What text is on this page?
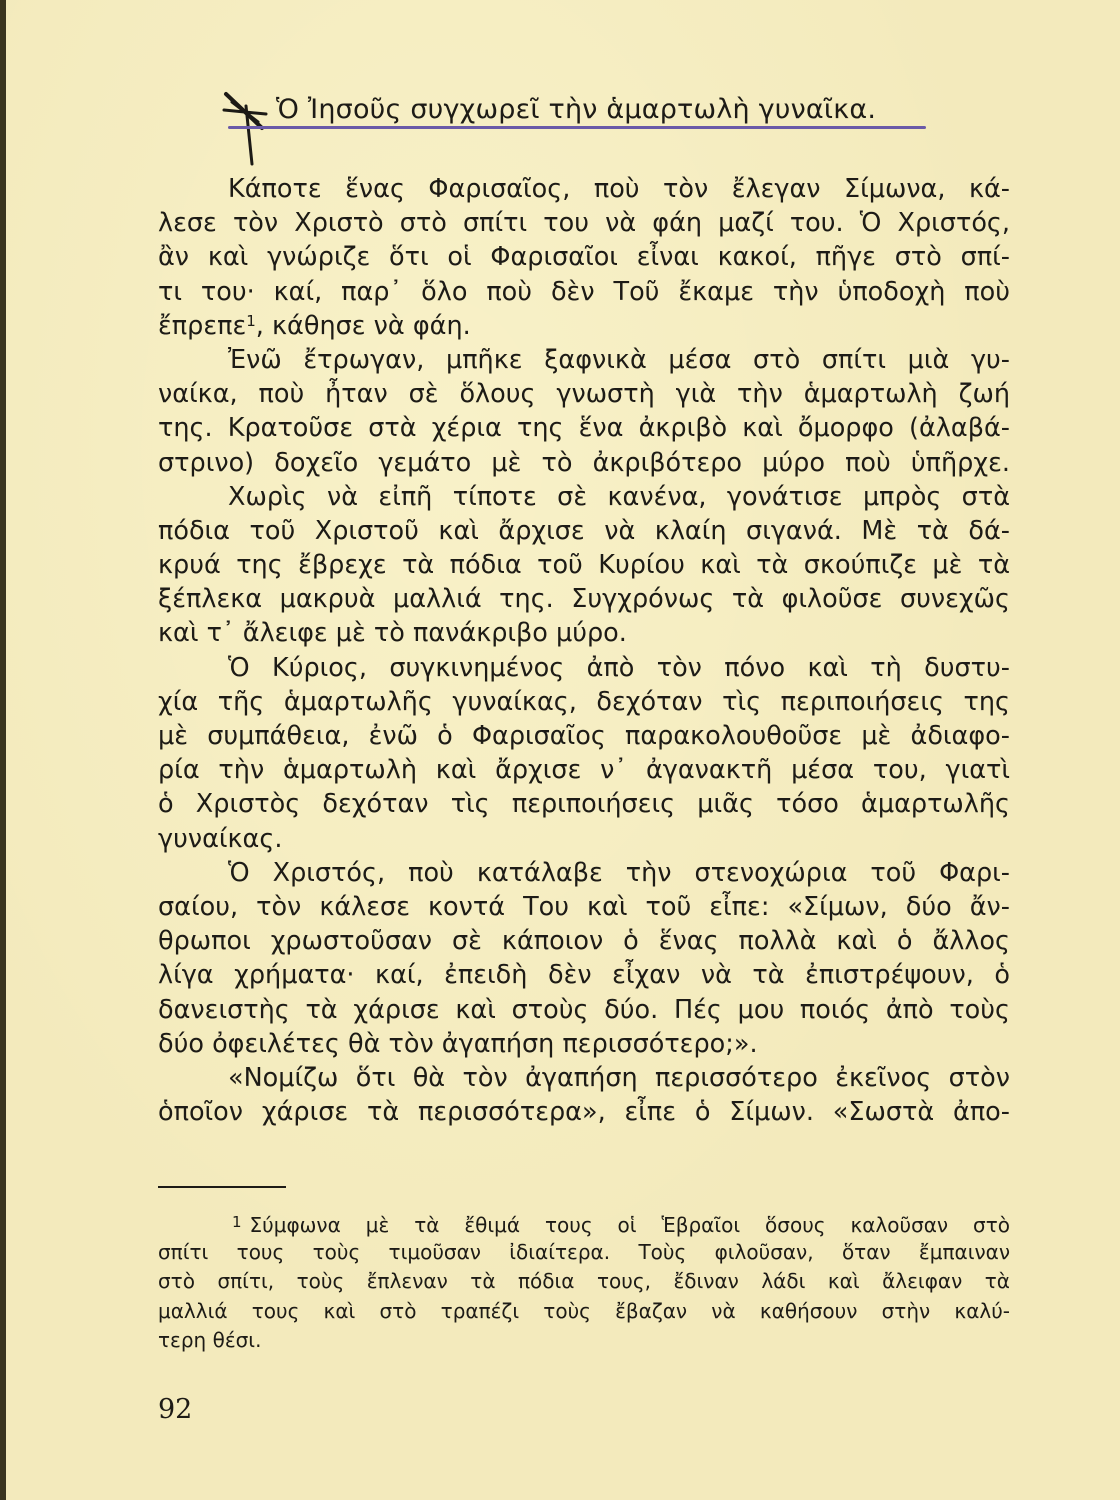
Ὁ Ἰησοῦς συγχωρεῖ τὴν ἁμαρτωλὴ γυναῖκα.
Κάποτε ἕνας Φαρισαῖος, ποὺ τὸν ἔλεγαν Σίμωνα, κά-
λεσε τὸν Χριστὸ στὸ σπίτι του νὰ φάη μαζί του. Ὁ Χριστός,
ἂν καὶ γνώριζε ὅτι οἱ Φαρισαῖοι εἶναι κακοί, πῆγε στὸ σπί-
τι του· καί, παρ᾿ ὅλο ποὺ δὲν Τοῦ ἔκαμε τὴν ὑποδοχὴ ποὺ
ἔπρεπε$^1$, κάθησε νὰ φάη.
Ἐνῶ ἔτρωγαν, μπῆκε ξαφνικὰ μέσα στὸ σπίτι μιὰ γυ-
ναίκα, ποὺ ἦταν σὲ ὅλους γνωστὴ γιὰ τὴν ἁμαρτωλὴ ζωή
της. Κρατοῦσε στὰ χέρια της ἕνα ἀκριβὸ καὶ ὄμορφο (ἀλαβά-
στρινο) δοχεῖο γεμάτο μὲ τὸ ἀκριβότερο μύρο ποὺ ὑπῆρχε.
Χωρὶς νὰ εἰπῆ τίποτε σὲ κανένα, γονάτισε μπρὸς στὰ
πόδια τοῦ Χριστοῦ καὶ ἄρχισε νὰ κλαίη σιγανά. Μὲ τὰ δά-
κρυά της ἔβρεχε τὰ πόδια τοῦ Κυρίου καὶ τὰ σκούπιζε μὲ τὰ
ξέπλεκα μακρυὰ μαλλιά της. Συγχρόνως τὰ φιλοῦσε συνεχῶς
καὶ τ᾿ ἄλειφε μὲ τὸ πανάκριβο μύρο.
Ὁ Κύριος, συγκινημένος ἀπὸ τὸν πόνο καὶ τὴ δυστυ-
χία τῆς ἁμαρτωλῆς γυναίκας, δεχόταν τὶς περιποιήσεις της
μὲ συμπάθεια, ἐνῶ ὁ Φαρισαῖος παρακολουθοῦσε μὲ ἀδιαφο-
ρία τὴν ἁμαρτωλὴ καὶ ἄρχισε ν᾿ ἀγανακτῆ μέσα του, γιατὶ
ὁ Χριστὸς δεχόταν τὶς περιποιήσεις μιᾶς τόσο ἁμαρτωλῆς
γυναίκας.
Ὁ Χριστός, ποὺ κατάλαβε τὴν στενοχώρια τοῦ Φαρι-
σαίου, τὸν κάλεσε κοντά Του καὶ τοῦ εἶπε: «Σίμων, δύο ἄν-
θρωποι χρωστοῦσαν σὲ κάποιον ὁ ἕνας πολλὰ καὶ ὁ ἄλλος
λίγα χρήματα· καί, ἐπειδὴ δὲν εἶχαν νὰ τὰ ἐπιστρέψουν, ὁ
δανειστὴς τὰ χάρισε καὶ στοὺς δύο. Πές μου ποιός ἀπὸ τοὺς
δύο ὀφειλέτες θὰ τὸν ἀγαπήση περισσότερο;».
«Νομίζω ὅτι θὰ τὸν ἀγαπήση περισσότερο ἐκεῖνος στὸν
ὁποῖον χάρισε τὰ περισσότερα», εἶπε ὁ Σίμων. «Σωστὰ ἀπο-
$^1$ Σύμφωνα μὲ τὰ ἔθιμά τους οἱ Ἑβραῖοι ὅσους καλοῦσαν στὸ
σπίτι τους τοὺς τιμοῦσαν ἰδιαίτερα. Τοὺς φιλοῦσαν, ὅταν ἔμπαιναν
στὸ σπίτι, τοὺς ἔπλεναν τὰ πόδια τους, ἔδιναν λάδι καὶ ἄλειφαν τὰ
μαλλιά τους καὶ στὸ τραπέζι τοὺς ἔβαζαν νὰ καθήσουν στὴν καλύ-
τερη θέσι.
92
